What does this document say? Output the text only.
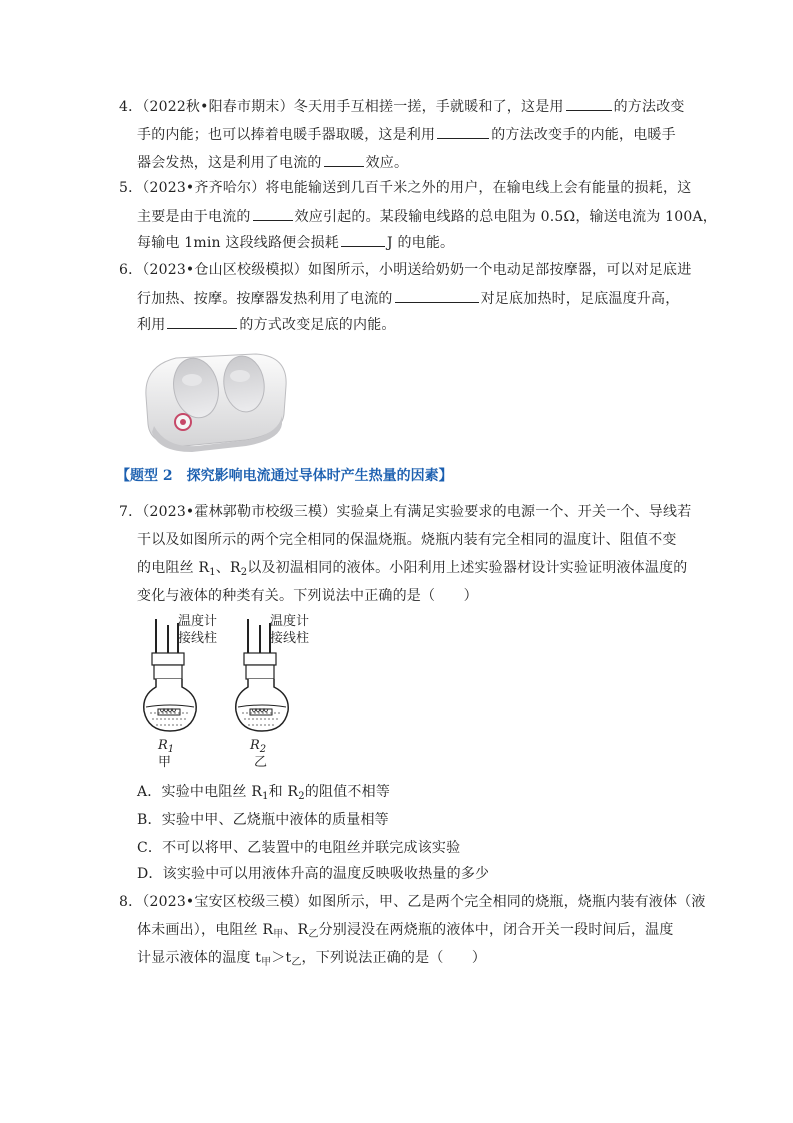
4．（2022秋•阳春市期末）冬天用手互相搓一搓，手就暖和了，这是用	的方法改变
手的内能；也可以捧着电暖手器取暖，这是利用	的方法改变手的内能，电暖手
器会发热，这是利用了电流的	效应。
5．（2023•齐齐哈尔）将电能输送到几百千米之外的用户，在输电线上会有能量的损耗，这
主要是由于电流的	效应引起的。某段输电线路的总电阻为 0.5Ω，输送电流为 100A，
每输电 1min 这段线路便会损耗	J 的电能。
6．（2023•仓山区校级模拟）如图所示，小明送给奶奶一个电动足部按摩器，可以对足底进
行加热、按摩。按摩器发热利用了电流的	对足底加热时，足底温度升高，
利用	的方式改变足底的内能。
【题型 2　探究影响电流通过导体时产生热量的因素】
7．（2023•霍林郭勒市校级三模）实验桌上有满足实验要求的电源一个、开关一个、导线若
干以及如图所示的两个完全相同的保温烧瓶。烧瓶内装有完全相同的温度计、阻值不变
的电阻丝 $R_1$、$R_2$以及初温相同的液体。小阳利用上述实验器材设计实验证明液体温度的
变化与液体的种类有关。下列说法中正确的是（　　）
温度计
接线柱
温度计
接线柱
$R_1$
甲
$R_2$
乙
A．实验中电阻丝 $R_1$和 $R_2$的阻值不相等
B．实验中甲、乙烧瓶中液体的质量相等
C．不可以将甲、乙装置中的电阻丝并联完成该实验
D．该实验中可以用液体升高的温度反映吸收热量的多少
8．（2023•宝安区校级三模）如图所示，甲、乙是两个完全相同的烧瓶，烧瓶内装有液体（液
体未画出），电阻丝 $R_甲$、$R_乙$分别浸没在两烧瓶的液体中，闭合开关一段时间后，温度
计显示液体的温度 $t_甲>t_乙$，下列说法正确的是（　　）
